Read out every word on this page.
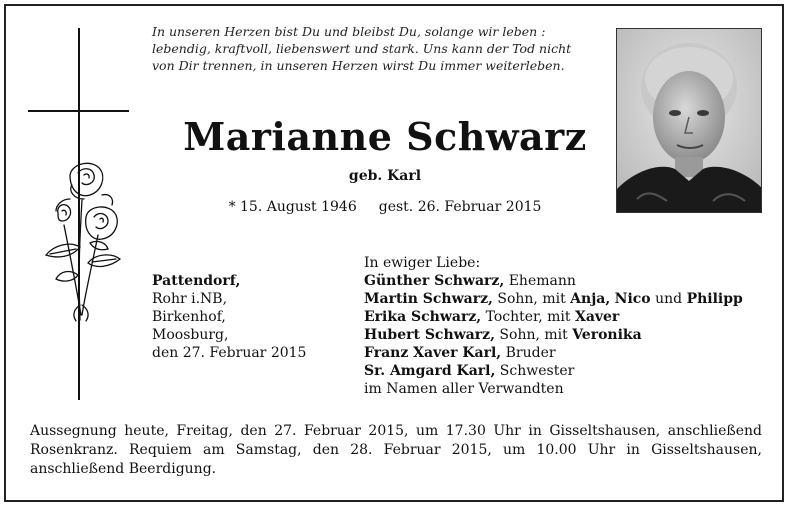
In unseren Herzen bist Du und bleibst Du, solange wir leben :
lebendig, kraftvoll, liebenswert und stark. Uns kann der Tod nicht
von Dir trennen, in unseren Herzen wirst Du immer weiterleben.
Marianne Schwarz
geb. Karl
* 15. August 1946 gest. 26. Februar 2015
Pattendorf,
Rohr i.NB,
Birkenhof,
Moosburg,
den 27. Februar 2015
In ewiger Liebe:
Günther Schwarz, Ehemann
Martin Schwarz, Sohn, mit Anja, Nico und Philipp
Erika Schwarz, Tochter, mit Xaver
Hubert Schwarz, Sohn, mit Veronika
Franz Xaver Karl, Bruder
Sr. Amgard Karl, Schwester
im Namen aller Verwandten
Aussegnung heute, Freitag, den 27. Februar 2015, um 17.30 Uhr in Gisseltshausen, anschließend Rosenkranz. Requiem am Samstag, den 28. Februar 2015, um 10.00 Uhr in Gisseltshausen, anschließend Beerdigung.
